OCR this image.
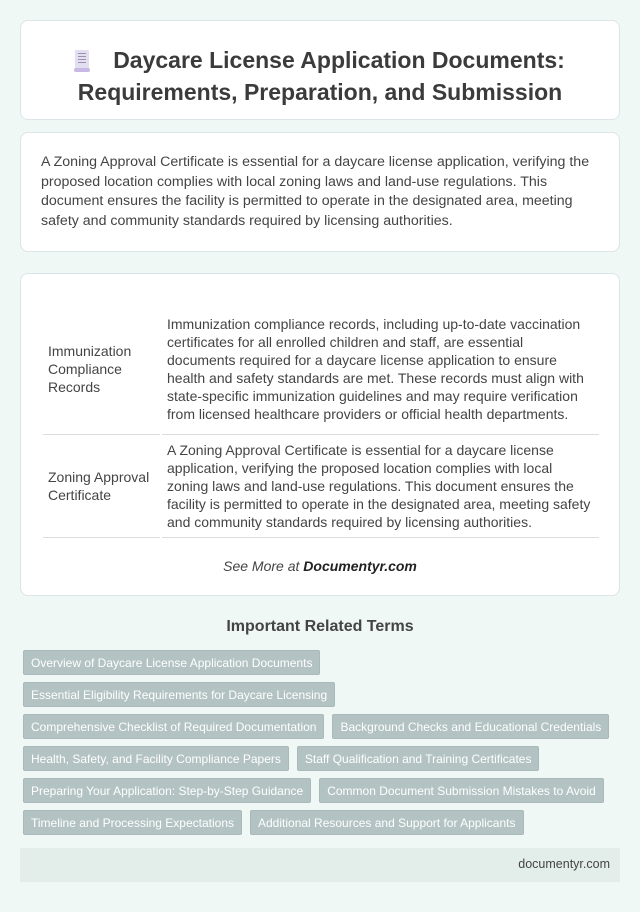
Daycare License Application Documents: Requirements, Preparation, and Submission

A Zoning Approval Certificate is essential for a daycare license application, verifying the proposed location complies with local zoning laws and land-use regulations. This document ensures the facility is permitted to operate in the designated area, meeting safety and community standards required by licensing authorities.

Immunization Compliance Records	Immunization compliance records, including up-to-date vaccination certificates for all enrolled children and staff, are essential documents required for a daycare license application to ensure health and safety standards are met. These records must align with state-specific immunization guidelines and may require verification from licensed healthcare providers or official health departments.
Zoning Approval Certificate	A Zoning Approval Certificate is essential for a daycare license application, verifying the proposed location complies with local zoning laws and land-use regulations. This document ensures the facility is permitted to operate in the designated area, meeting safety and community standards required by licensing authorities.
See More at Documentyr.com
Important Related Terms
Overview of Daycare License Application Documents
Essential Eligibility Requirements for Daycare Licensing
Comprehensive Checklist of Required Documentation	Background Checks and Educational Credentials
Health, Safety, and Facility Compliance Papers	Staff Qualification and Training Certificates
Preparing Your Application: Step-by-Step Guidance	Common Document Submission Mistakes to Avoid
Timeline and Processing Expectations	Additional Resources and Support for Applicants
documentyr.com
